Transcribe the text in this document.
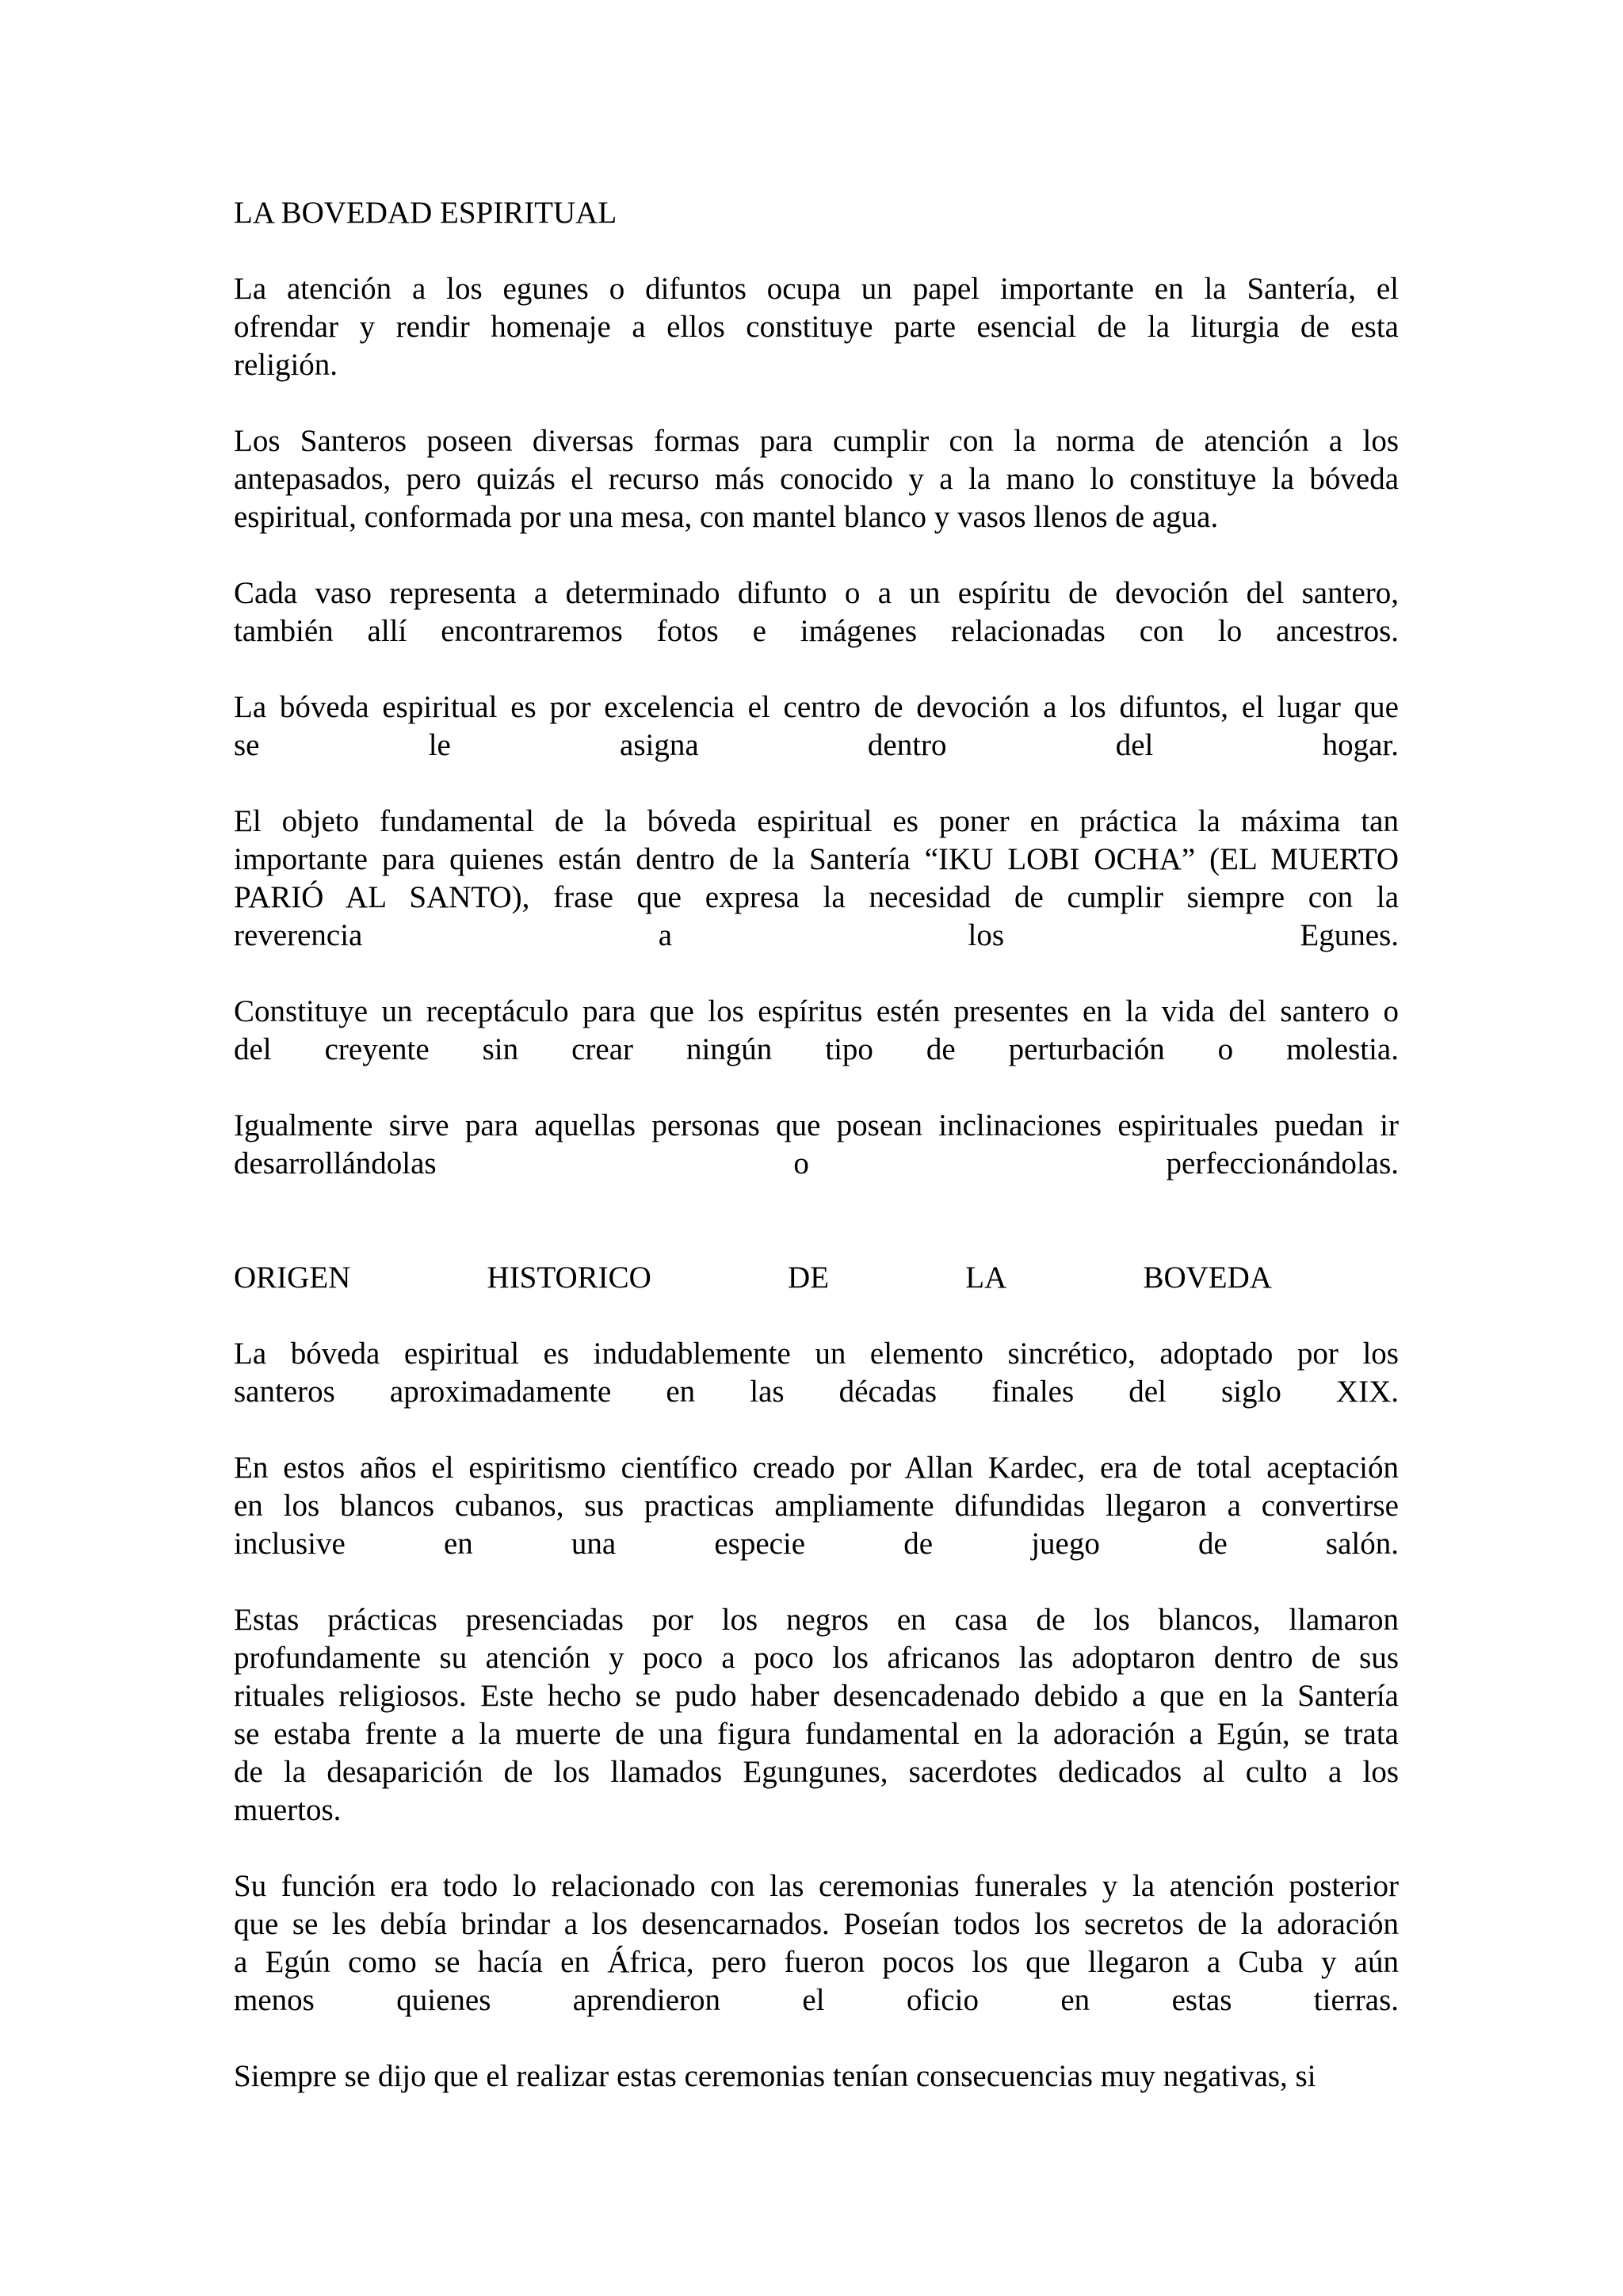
LA BOVEDAD ESPIRITUAL
La atención a los egunes o difuntos ocupa un papel importante en la Santería, el
ofrendar y rendir homenaje a ellos constituye parte esencial de la liturgia de esta
religión.
Los Santeros poseen diversas formas para cumplir con la norma de atención a los
antepasados, pero quizás el recurso más conocido y a la mano lo constituye la bóveda
espiritual, conformada por una mesa, con mantel blanco y vasos llenos de agua.
Cada vaso representa a determinado difunto o a un espíritu de devoción del santero,
también allí encontraremos fotos e imágenes relacionadas con lo ancestros.
La bóveda espiritual es por excelencia el centro de devoción a los difuntos, el lugar que
se le asigna dentro del hogar.
El objeto fundamental de la bóveda espiritual es poner en práctica la máxima tan
importante para quienes están dentro de la Santería “IKU LOBI OCHA” (EL MUERTO
PARIÓ AL SANTO), frase que expresa la necesidad de cumplir siempre con la
reverencia a los Egunes.
Constituye un receptáculo para que los espíritus estén presentes en la vida del santero o
del creyente sin crear ningún tipo de perturbación o molestia.
Igualmente sirve para aquellas personas que posean inclinaciones espirituales puedan ir
desarrollándolas o perfeccionándolas.
ORIGEN	HISTORICO	DE	LA	BOVEDA
La bóveda espiritual es indudablemente un elemento sincrético, adoptado por los
santeros aproximadamente en las décadas finales del siglo XIX.
En estos años el espiritismo científico creado por Allan Kardec, era de total aceptación
en los blancos cubanos, sus practicas ampliamente difundidas llegaron a convertirse
inclusive en una especie de juego de salón.
Estas prácticas presenciadas por los negros en casa de los blancos, llamaron
profundamente su atención y poco a poco los africanos las adoptaron dentro de sus
rituales religiosos. Este hecho se pudo haber desencadenado debido a que en la Santería
se estaba frente a la muerte de una figura fundamental en la adoración a Egún, se trata
de la desaparición de los llamados Egungunes, sacerdotes dedicados al culto a los
muertos.
Su función era todo lo relacionado con las ceremonias funerales y la atención posterior
que se les debía brindar a los desencarnados. Poseían todos los secretos de la adoración
a Egún como se hacía en África, pero fueron pocos los que llegaron a Cuba y aún
menos quienes aprendieron el oficio en estas tierras.
Siempre se dijo que el realizar estas ceremonias tenían consecuencias muy negativas, si
